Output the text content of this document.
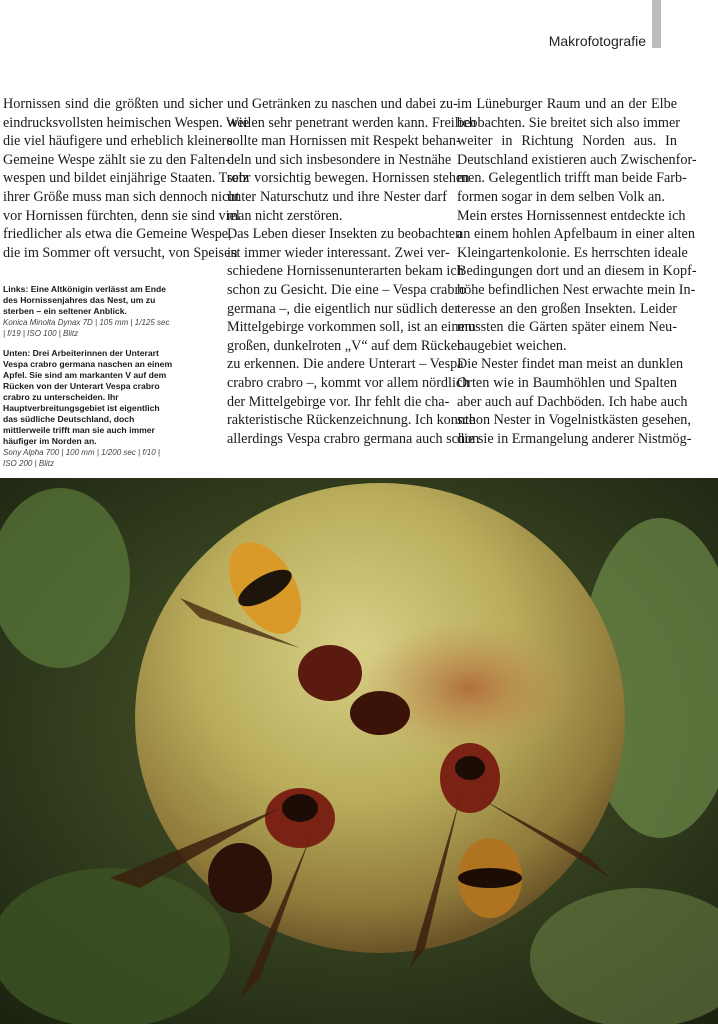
Makrofotografie
Hornissen sind die größten und sicher
eindrucksvollsten heimischen Wespen. Wie
die viel häufigere und erheblich kleinere
Gemeine Wespe zählt sie zu den Falten-
wespen und bildet einjährige Staaten. Trotz
ihrer Größe muss man sich dennoch nicht
vor Hornissen fürchten, denn sie sind viel
friedlicher als etwa die Gemeine Wespe,
die im Sommer oft versucht, von Speisen
und Getränken zu naschen und dabei zu-
weilen sehr penetrant werden kann. Freilich
sollte man Hornissen mit Respekt behan-
deln und sich insbesondere in Nestnähe
sehr vorsichtig bewegen. Hornissen stehen
unter Naturschutz und ihre Nester darf
man nicht zerstören.
Das Leben dieser Insekten zu beobachten
ist immer wieder interessant. Zwei ver-
schiedene Hornissenunterarten bekam ich
schon zu Gesicht. Die eine – Vespa crabro
germana –, die eigentlich nur südlich der
Mittelgebirge vorkommen soll, ist an einem
großen, dunkelroten „V“ auf dem Rücken
zu erkennen. Die andere Unterart – Vespa
crabro crabro –, kommt vor allem nördlich
der Mittelgebirge vor. Ihr fehlt die cha-
rakteristische Rückenzeichnung. Ich konnte
allerdings Vespa crabro germana auch schon
im Lüneburger Raum und an der Elbe
beobachten. Sie breitet sich also immer
weiter in Richtung Norden aus. In
Deutschland existieren auch Zwischenfor-
men. Gelegentlich trifft man beide Farb-
formen sogar in dem selben Volk an.
Mein erstes Hornissennest entdeckte ich
an einem hohlen Apfelbaum in einer alten
Kleingartenkolonie. Es herrschten ideale
Bedingungen dort und an diesem in Kopf-
höhe befindlichen Nest erwachte mein In-
teresse an den großen Insekten. Leider
mussten die Gärten später einem Neu-
baugebiet weichen.
Die Nester findet man meist an dunklen
Orten wie in Baumhöhlen und Spalten
aber auch auf Dachböden. Ich habe auch
schon Nester in Vogelnistkästen gesehen,
die sie in Ermangelung anderer Nistmög-
Links: Eine Altkönigin verlässt am Ende des Hornissenjahres das Nest, um zu sterben – ein seltener Anblick.
Konica Minolta Dynax 7D | 105 mm | 1/125 sec | f/19 | ISO 100 | Blitz
Unten: Drei Arbeiterinnen der Unterart Vespa crabro germana naschen an einem Apfel. Sie sind am markanten V auf dem Rücken von der Unterart Vespa crabro crabro zu unterscheiden. Ihr Hauptverbreitungsgebiet ist eigentlich das südliche Deutschland, doch mittlerweile trifft man sie auch immer häufiger im Norden an.
Sony Alpha 700 | 100 mm | 1/200 sec | f/10 | ISO 200 | Blitz
